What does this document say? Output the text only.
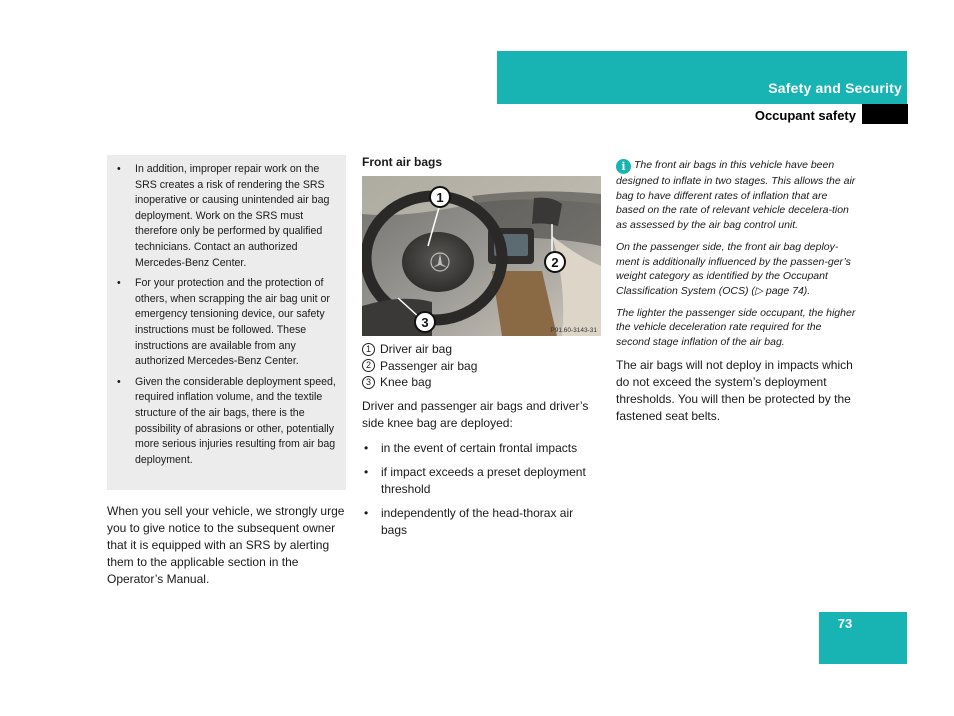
Safety and Security
Occupant safety
• In addition, improper repair work on the SRS creates a risk of rendering the SRS inoperative or causing unintended air bag deployment. Work on the SRS must therefore only be performed by qualified technicians. Contact an authorized Mercedes-Benz Center.
• For your protection and the protection of others, when scrapping the air bag unit or emergency tensioning device, our safety instructions must be followed. These instructions are available from any authorized Mercedes-Benz Center.
• Given the considerable deployment speed, required inflation volume, and the textile structure of the air bags, there is the possibility of abrasions or other, potentially more serious injuries resulting from air bag deployment.
When you sell your vehicle, we strongly urge you to give notice to the subsequent owner that it is equipped with an SRS by alerting them to the applicable section in the Operator’s Manual.
Front air bags
1
2
3
P91.60-3143-31
1 Driver air bag
2 Passenger air bag
3 Knee bag
Driver and passenger air bags and driver’s side knee bag are deployed:
• in the event of certain frontal impacts
• if impact exceeds a preset deployment threshold
• independently of the head-thorax air bags
i The front air bags in this vehicle have been designed to inflate in two stages. This allows the air bag to have different rates of inflation that are based on the rate of relevant vehicle decelera-tion as assessed by the air bag control unit.
On the passenger side, the front air bag deploy-ment is additionally influenced by the passen-ger’s weight category as identified by the Occupant Classification System (OCS) (▷ page 74).
The lighter the passenger side occupant, the higher the vehicle deceleration rate required for the second stage inflation of the air bag.
The air bags will not deploy in impacts which do not exceed the system’s deployment thresholds. You will then be protected by the fastened seat belts.
73
